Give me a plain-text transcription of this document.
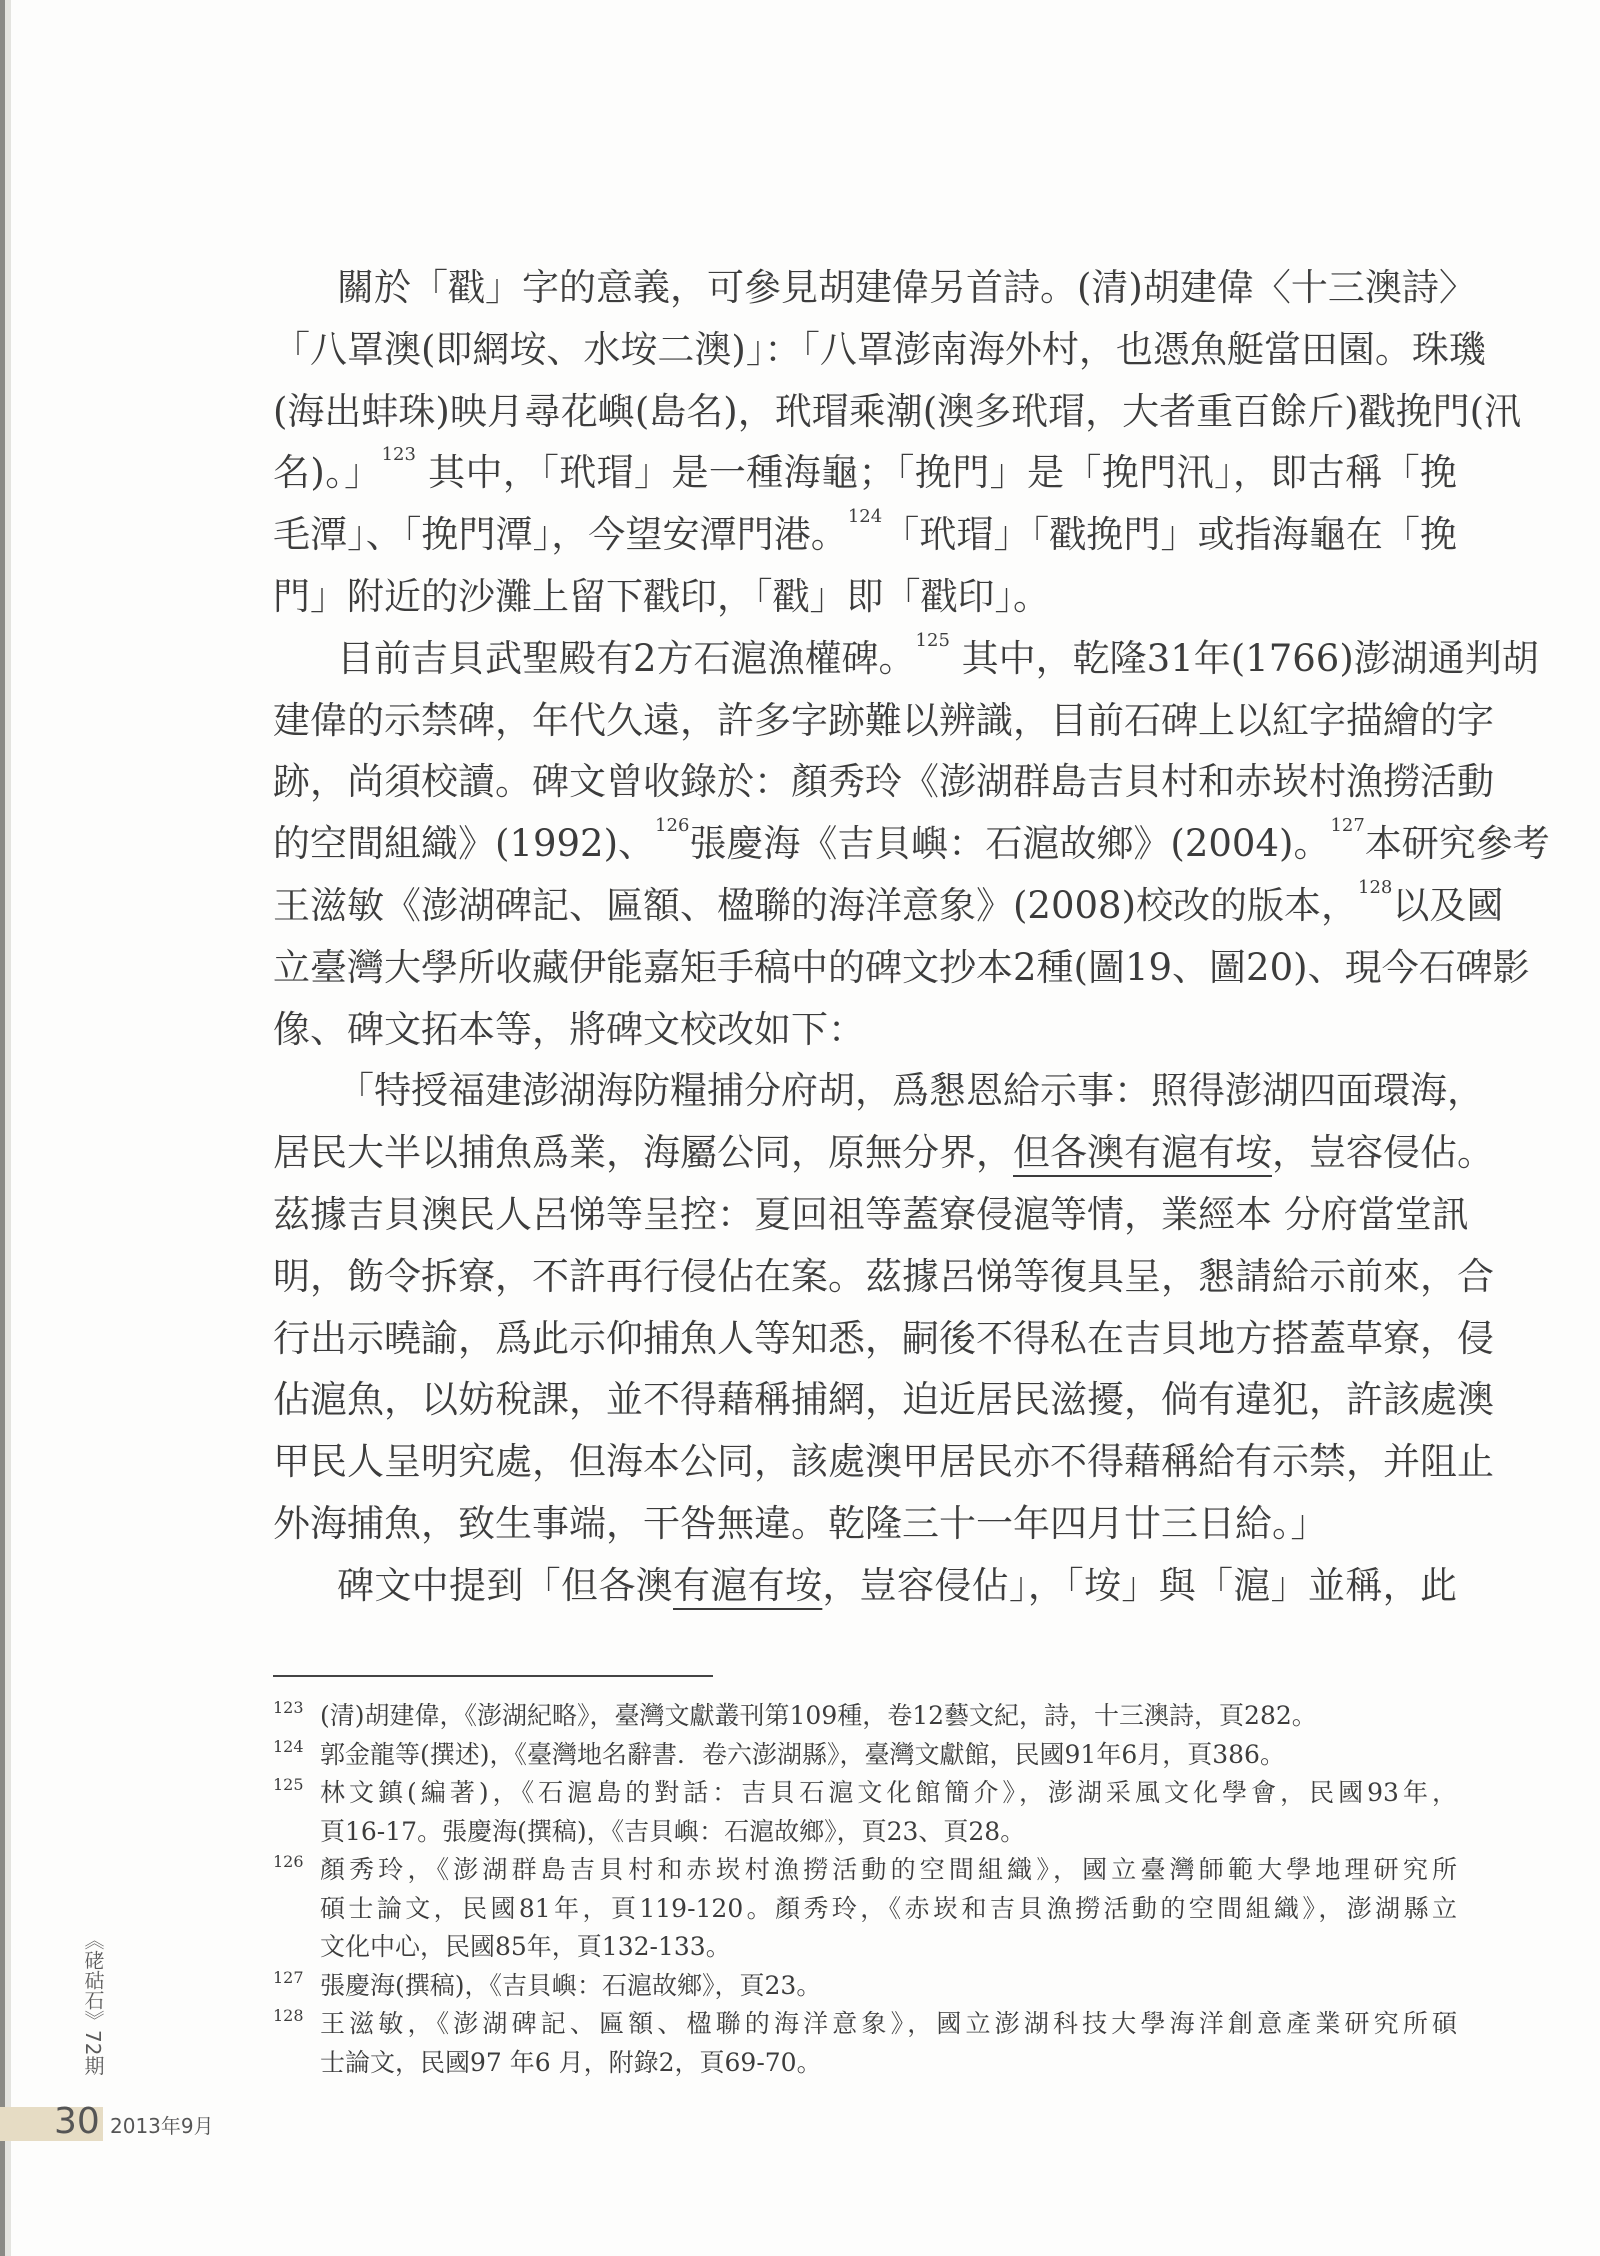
關於「戳」字的意義，可參見胡建偉另首詩。(清)胡建偉〈十三澳詩〉
「八罩澳(即網垵、水垵二澳)」：「八罩澎南海外村，也憑魚艇當田園。珠璣
(海出蚌珠)映月尋花嶼(島名)，玳瑁乘潮(澳多玳瑁，大者重百餘斤)戳挽門(汛
名)。」$^{123}$ 其中，「玳瑁」是一種海龜；「挽門」是「挽門汛」，即古稱「挽
毛潭」、「挽門潭」，今望安潭門港。$^{124}$「玳瑁」「戳挽門」或指海龜在「挽
門」附近的沙灘上留下戳印，「戳」即「戳印」。
目前吉貝武聖殿有2方石滬漁權碑。$^{125}$ 其中，乾隆31年(1766)澎湖通判胡
建偉的示禁碑，年代久遠，許多字跡難以辨識，目前石碑上以紅字描繪的字
跡，尚須校讀。碑文曾收錄於：顏秀玲《澎湖群島吉貝村和赤崁村漁撈活動
的空間組織》(1992)、$^{126}$張慶海《吉貝嶼：石滬故鄉》(2004)。$^{127}$本研究參考
王滋敏《澎湖碑記、匾額、楹聯的海洋意象》(2008)校改的版本，$^{128}$以及國
立臺灣大學所收藏伊能嘉矩手稿中的碑文抄本2種(圖19、圖20)、現今石碑影
像、碑文拓本等，將碑文校改如下：
「特授福建澎湖海防糧捕分府胡，爲懇恩給示事：照得澎湖四面環海，
居民大半以捕魚爲業，海屬公同，原無分界，但各澳有滬有垵，豈容侵佔。
茲據吉貝澳民人呂悌等呈控：夏回祖等蓋寮侵滬等情，業經本 分府當堂訊
明，飭令拆寮，不許再行侵佔在案。茲據呂悌等復具呈，懇請給示前來，合
行出示曉諭，爲此示仰捕魚人等知悉，嗣後不得私在吉貝地方搭蓋草寮，侵
佔滬魚，以妨稅課，並不得藉稱捕網，迫近居民滋擾，倘有違犯，許該處澳
甲民人呈明究處，但海本公同，該處澳甲居民亦不得藉稱給有示禁，并阻止
外海捕魚，致生事端，干咎無違。乾隆三十一年四月廿三日給。」
碑文中提到「但各澳有滬有垵，豈容侵佔」，「垵」與「滬」並稱，此
123 (清)胡建偉，《澎湖紀略》，臺灣文獻叢刊第109種，卷12藝文紀，詩，十三澳詩，頁282。
124 郭金龍等(撰述)，《臺灣地名辭書．卷六澎湖縣》，臺灣文獻館，民國91年6月，頁386。
125 林文鎮(編著)，《石滬島的對話：吉貝石滬文化館簡介》，澎湖采風文化學會，民國93年，
頁16-17。張慶海(撰稿)，《吉貝嶼：石滬故鄉》，頁23、頁28。
126 顏秀玲，《澎湖群島吉貝村和赤崁村漁撈活動的空間組織》，國立臺灣師範大學地理研究所
碩士論文，民國81年，頁119-120。顏秀玲，《赤崁和吉貝漁撈活動的空間組織》，澎湖縣立
文化中心，民國85年，頁132-133。
127 張慶海(撰稿)，《吉貝嶼：石滬故鄉》，頁23。
128 王滋敏，《澎湖碑記、匾額、楹聯的海洋意象》，國立澎湖科技大學海洋創意產業研究所碩
士論文，民國97 年6 月，附錄2，頁69-70。
《硓𥑮石》72期
30 2013年9月
